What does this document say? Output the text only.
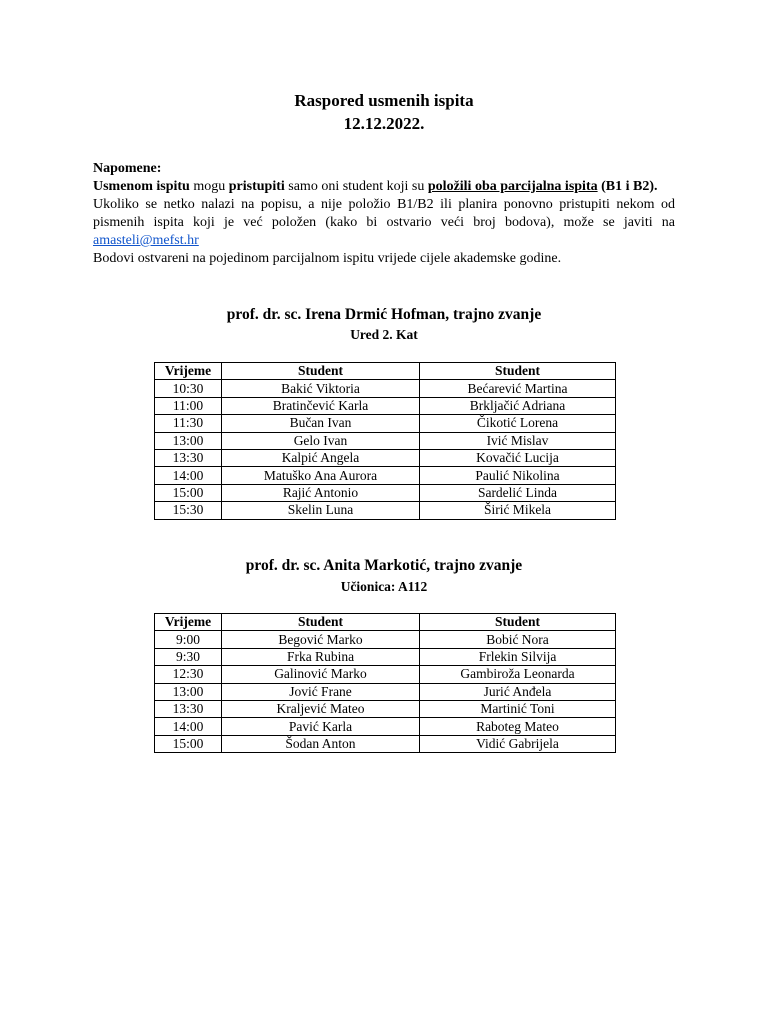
Raspored usmenih ispita
12.12.2022.

Napomene:

Usmenom ispitu mogu pristupiti samo oni student koji su položili oba parcijalna ispita (B1 i B2).

Ukoliko se netko nalazi na popisu, a nije položio B1/B2 ili planira ponovno pristupiti nekom od pismenih ispita koji je već položen (kako bi ostvario veći broj bodova), može se javiti na amasteli@mefst.hr

Bodovi ostvareni na pojedinom parcijalnom ispitu vrijede cijele akademske godine.

prof. dr. sc. Irena Drmić Hofman, trajno zvanje
Ured 2. Kat
Vrijeme	Student	Student
10:30	Bakić Viktoria	Bećarević Martina
11:00	Bratinčević Karla	Brkljačić Adriana
11:30	Bučan Ivan	Čikotić Lorena
13:00	Gelo Ivan	Ivić Mislav
13:30	Kalpić Angela	Kovačić Lucija
14:00	Matuško Ana Aurora	Paulić Nikolina
15:00	Rajić Antonio	Sardelić Linda
15:30	Skelin Luna	Širić Mikela
prof. dr. sc. Anita Markotić, trajno zvanje
Učionica: A112
Vrijeme	Student	Student
9:00	Begović Marko	Bobić Nora
9:30	Frka Rubina	Frlekin Silvija
12:30	Galinović Marko	Gambiroža Leonarda
13:00	Jović Frane	Jurić Anđela
13:30	Kraljević Mateo	Martinić Toni
14:00	Pavić Karla	Raboteg Mateo
15:00	Šodan Anton	Vidić Gabrijela
